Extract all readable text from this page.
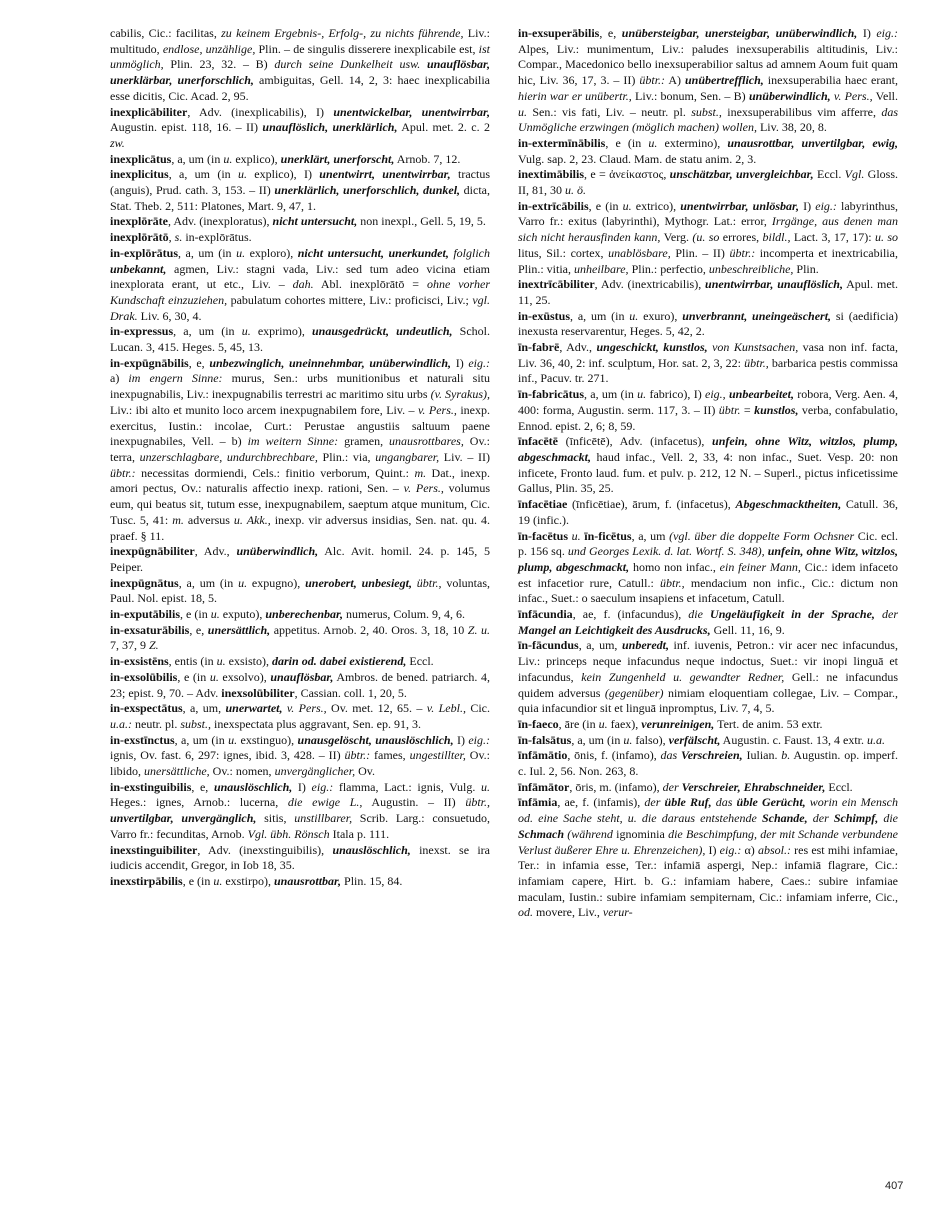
cabilis, Cic.: facilitas, zu keinem Ergebnis-, Erfolg-, zu nichts führende, Liv.: multitudo, endlose, unzählige, Plin. – de singulis disserere inexplicabile est, ist unmöglich, Plin. 23, 32. – B) durch seine Dunkelheit usw. unauflösbar, unerklärbar, unerforschlich, ambiguitas, Gell. 14, 2, 3: haec inexplicabilia esse dicitis, Cic. Acad. 2, 95.

inexplicābiliter, Adv. (inexplicabilis), I) unentwickelbar, unentwirrbar, Augustin. epist. 118, 16. – II) unauflöslich, unerklärlich, Apul. met. 2. c. 2 zw.

inexplicātus, a, um (in u. explico), unerklärt, unerforscht, Arnob. 7, 12.

inexplicitus, a, um (in u. explico), I) unentwirrt, unentwirrbar, tractus (anguis), Prud. cath. 3, 153. – II) unerklärlich, unerforschlich, dunkel, dicta, Stat. Theb. 2, 511: Platones, Mart. 9, 47, 1.

inexplōrāte, Adv. (inexploratus), nicht untersucht, non inexpl., Gell. 5, 19, 5.

inexplōrātō, s. in-explōrātus.

in-explōrātus, a, um (in u. exploro), nicht untersucht, unerkundet, folglich unbekannt, agmen, Liv.: stagni vada, Liv.: sed tum adeo vicina etiam inexplorata erant, ut etc., Liv. – dah. Abl. inexplōrātō = ohne vorher Kundschaft einzuziehen, pabulatum cohortes mittere, Liv.: proficisci, Liv.; vgl. Drak. Liv. 6, 30, 4.

in-expressus, a, um (in u. exprimo), unausgedrückt, undeutlich, Schol. Lucan. 3, 415. Heges. 5, 45, 13.

in-expūgnābilis, e, unbezwinglich, uneinnehmbar, unüberwindlich, I) eig.: a) im engern Sinne: murus, Sen.: urbs munitionibus et naturali situ inexpugnabilis, Liv.: inexpugnabilis terrestri ac maritimo situ urbs (v. Syrakus), Liv.: ibi alto et munito loco arcem inexpugnabilem fore, Liv. – v. Pers., inexp. exercitus, Iustin.: incolae, Curt.: Perustae angustiis saltuum paene inexpugnabiles, Vell. – b) im weitern Sinne: gramen, unausrottbares, Ov.: terra, unzerschlagbare, undurchbrechbare, Plin.: via, ungangbarer, Liv. – II) übtr.: necessitas dormiendi, Cels.: finitio verborum, Quint.: m. Dat., inexp. amori pectus, Ov.: naturalis affectio inexp. rationi, Sen. – v. Pers., volumus eum, qui beatus sit, tutum esse, inexpugnabilem, saeptum atque munitum, Cic. Tusc. 5, 41: m. adversus u. Akk., inexp. vir adversus insidias, Sen. nat. qu. 4. praef. § 11.

inexpūgnābiliter, Adv., unüberwindlich, Alc. Avit. homil. 24. p. 145, 5 Peiper.

inexpūgnātus, a, um (in u. expugno), unerobert, unbesiegt, übtr., voluntas, Paul. Nol. epist. 18, 5.

in-exputābilis, e (in u. exputo), unberechenbar, numerus, Colum. 9, 4, 6.

in-exsaturābilis, e, unersättlich, appetitus. Arnob. 2, 40. Oros. 3, 18, 10 Z. u. 7, 37, 9 Z.

in-exsistēns, entis (in u. exsisto), darin od. dabei existierend, Eccl.

in-exsolūbilis, e (in u. exsolvo), unauflösbar, Ambros. de bened. patriarch. 4, 23; epist. 9, 70. – Adv. inexsolūbiliter, Cassian. coll. 1, 20, 5.

in-exspectātus, a, um, unerwartet, v. Pers., Ov. met. 12, 65. – v. Lebl., Cic. u.a.: neutr. pl. subst., inexspectata plus aggravant, Sen. ep. 91, 3.

in-exstīnctus, a, um (in u. exstinguo), unausgelöscht, unauslöschlich, I) eig.: ignis, Ov. fast. 6, 297: ignes, ibid. 3, 428. – II) übtr.: fames, ungestillter, Ov.: libido, unersättliche, Ov.: nomen, unvergänglicher, Ov.

in-exstinguibilis, e, unauslöschlich, I) eig.: flamma, Lact.: ignis, Vulg. u. Heges.: ignes, Arnob.: lucerna, die ewige L., Augustin. – II) übtr., unvertilgbar, unvergänglich, sitis, unstillbarer, Scrib. Larg.: consuetudo, Varro fr.: fecunditas, Arnob. Vgl. übh. Rönsch Itala p. 111.

inexstinguibiliter, Adv. (inexstinguibilis), unauslöschlich, inexst. se ira iudicis accendit, Gregor, in Iob 18, 35.

inexstirpābilis, e (in u. exstirpo), unausrottbar, Plin. 15, 84.

in-exsuperābilis, e, unübersteigbar, unersteigbar, unüberwindlich, I) eig.: Alpes, Liv.: munimentum, Liv.: paludes inexsuperabilis altitudinis, Liv.: Compar., Macedonico bello inexsuperabilior saltus ad amnem Aoum fuit quam hic, Liv. 36, 17, 3. – II) übtr.: A) unübertrefflich, inexsuperabilia haec erant, hierin war er unübertr., Liv.: bonum, Sen. – B) unüberwindlich, v. Pers., Vell. u. Sen.: vis fati, Liv. – neutr. pl. subst., inexsuperabilibus vim afferre, das Unmögliche erzwingen (möglich machen) wollen, Liv. 38, 20, 8.

in-extermīnābilis, e (in u. extermino), unausrottbar, unvertilgbar, ewig, Vulg. sap. 2, 23. Claud. Mam. de statu anim. 2, 3.

inextimābilis, e = ἀνείκαστος, unschätzbar, unvergleichbar, Eccl. Vgl. Gloss. II, 81, 30 u. ö.

in-extrīcābilis, e (in u. extrico), unentwirrbar, unlösbar, I) eig.: labyrinthus, Varro fr.: exitus (labyrinthi), Mythogr. Lat.: error, Irrgänge, aus denen man sich nicht herausfinden kann, Verg. (u. so errores, bildl., Lact. 3, 17, 17): u. so litus, Sil.: cortex, unablösbare, Plin. – II) übtr.: incomperta et inextricabilia, Plin.: vitia, unheilbare, Plin.: perfectio, unbeschreibliche, Plin.

inextrīcābiliter, Adv. (inextricabilis), unentwirrbar, unauflöslich, Apul. met. 11, 25.

in-exūstus, a, um (in u. exuro), unverbrannt, uneingeäschert, si (aedificia) inexusta reservarentur, Heges. 5, 42, 2.

īn-fabrē, Adv., ungeschickt, kunstlos, von Kunstsachen, vasa non inf. facta, Liv. 36, 40, 2: inf. sculptum, Hor. sat. 2, 3, 22: übtr., barbarica pestis commissa inf., Pacuv. tr. 271.

īn-fabricātus, a, um (in u. fabrico), I) eig., unbearbeitet, robora, Verg. Aen. 4, 400: forma, Augustin. serm. 117, 3. – II) übtr. = kunstlos, verba, confabulatio, Ennod. epist. 2, 6; 8, 59.

īnfacētē (īnficētē), Adv. (infacetus), unfein, ohne Witz, witzlos, plump, abgeschmackt, haud infac., Vell. 2, 33, 4: non infac., Suet. Vesp. 20: non inficete, Fronto laud. fum. et pulv. p. 212, 12 N. – Superl., pictus inficetissime Gallus, Plin. 35, 25.

īnfacētiae (īnficētiae), ārum, f. (infacetus), Abgeschmacktheiten, Catull. 36, 19 (infic.).

īn-facētus u. īn-ficētus, a, um (vgl. über die doppelte Form Ochsner Cic. ecl. p. 156 sq. und Georges Lexik. d. lat. Wortf. S. 348), unfein, ohne Witz, witzlos, plump, abgeschmackt, homo non infac., ein feiner Mann, Cic.: idem infaceto est infacetior rure, Catull.: übtr., mendacium non infic., Cic.: dictum non infac., Suet.: o saeculum insapiens et infacetum, Catull.

īnfācundia, ae, f. (infacundus), die Ungeläufigkeit in der Sprache, der Mangel an Leichtigkeit des Ausdrucks, Gell. 11, 16, 9.

īn-fācundus, a, um, unberedt, inf. iuvenis, Petron.: vir acer nec infacundus, Liv.: princeps neque infacundus neque indoctus, Suet.: vir inopi linguā et infacundus, kein Zungenheld u. gewandter Redner, Gell.: ne infacundus quidem adversus (gegenüber) nimiam eloquentiam collegae, Liv. – Compar., quia infacundior sit et linguā inpromptus, Liv. 7, 4, 5.

īn-faeco, āre (in u. faex), verunreinigen, Tert. de anim. 53 extr.

īn-falsātus, a, um (in u. falso), verfälscht, Augustin. c. Faust. 13, 4 extr. u.a.

īnfāmātio, ōnis, f. (infamo), das Verschreien, Iulian. b. Augustin. op. imperf. c. Iul. 2, 56. Non. 263, 8.

īnfāmātor, ōris, m. (infamo), der Verschreier, Ehrabschneider, Eccl.

īnfāmia, ae, f. (infamis), der üble Ruf, das üble Gerücht, worin ein Mensch od. eine Sache steht, u. die daraus entstehende Schande, der Schimpf, die Schmach (während ignominia die Beschimpfung, der mit Schande verbundene Verlust äußerer Ehre u. Ehrenzeichen), I) eig.: α) absol.: res est mihi infamiae, Ter.: in infamia esse, Ter.: infamiā aspergi, Nep.: infamiā flagrare, Cic.: infamiam capere, Hirt. b. G.: infamiam habere, Caes.: subire infamiae maculam, Iustin.: subire infamiam sempiternam, Cic.: infamiam inferre, Cic., od. movere, Liv., verur-

407
